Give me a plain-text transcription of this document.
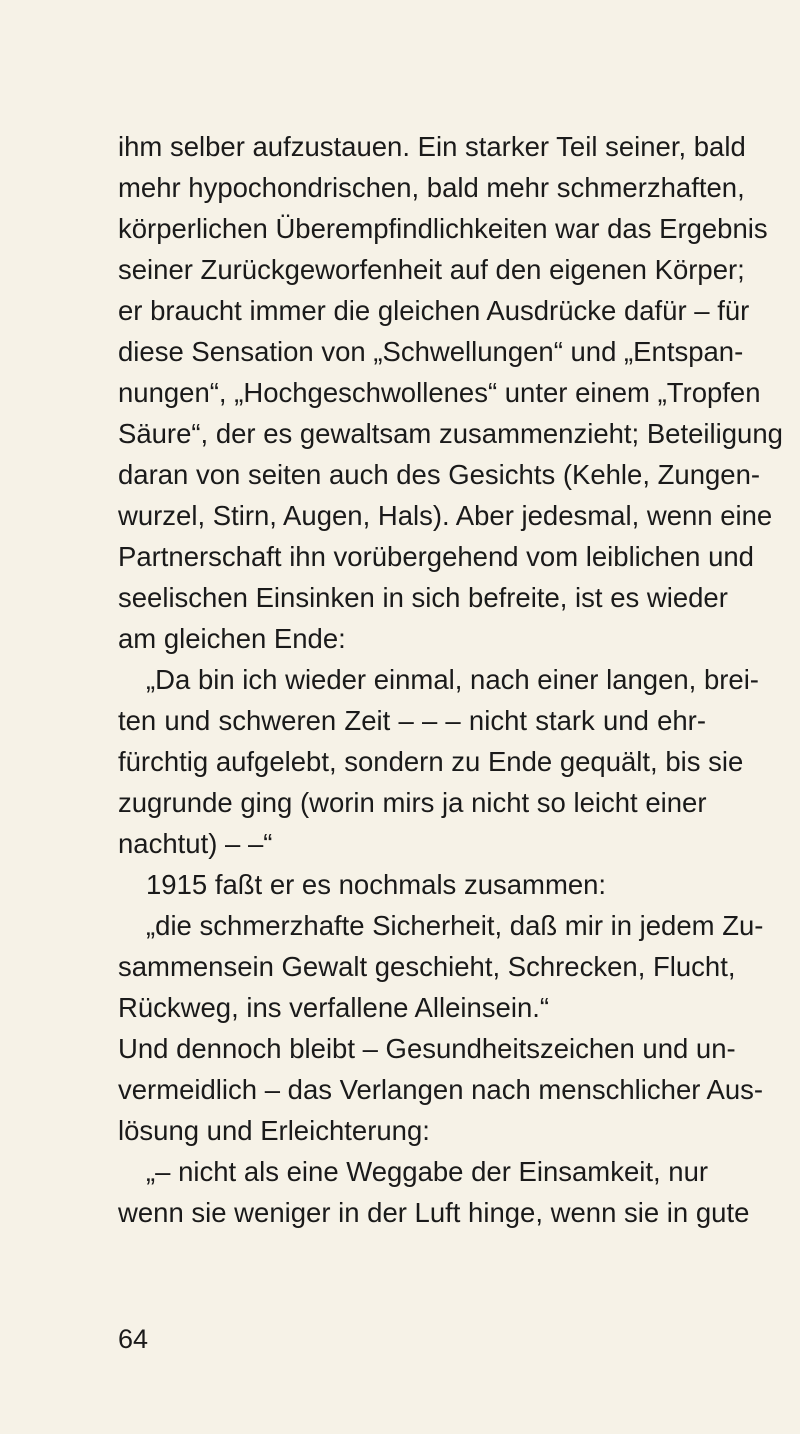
ihm selber aufzustauen. Ein starker Teil seiner, bald
mehr hypochondrischen, bald mehr schmerzhaften,
körperlichen Überempfindlichkeiten war das Ergebnis
seiner Zurückgeworfenheit auf den eigenen Körper;
er braucht immer die gleichen Ausdrücke dafür – für
diese Sensation von „Schwellungen“ und „Entspan-
nungen“, „Hochgeschwollenes“ unter einem „Tropfen
Säure“, der es gewaltsam zusammenzieht; Beteiligung
daran von seiten auch des Gesichts (Kehle, Zungen-
wurzel, Stirn, Augen, Hals). Aber jedesmal, wenn eine
Partnerschaft ihn vorübergehend vom leiblichen und
seelischen Einsinken in sich befreite, ist es wieder
am gleichen Ende:
„Da bin ich wieder einmal, nach einer langen, brei-
ten und schweren Zeit – – – nicht stark und ehr-
fürchtig aufgelebt, sondern zu Ende gequält, bis sie
zugrunde ging (worin mirs ja nicht so leicht einer
nachtut) – –“
1915 faßt er es nochmals zusammen:
„die schmerzhafte Sicherheit, daß mir in jedem Zu-
sammensein Gewalt geschieht, Schrecken, Flucht,
Rückweg, ins verfallene Alleinsein.“
Und dennoch bleibt – Gesundheitszeichen und un-
vermeidlich – das Verlangen nach menschlicher Aus-
lösung und Erleichterung:
„– nicht als eine Weggabe der Einsamkeit, nur
wenn sie weniger in der Luft hinge, wenn sie in gute
64
